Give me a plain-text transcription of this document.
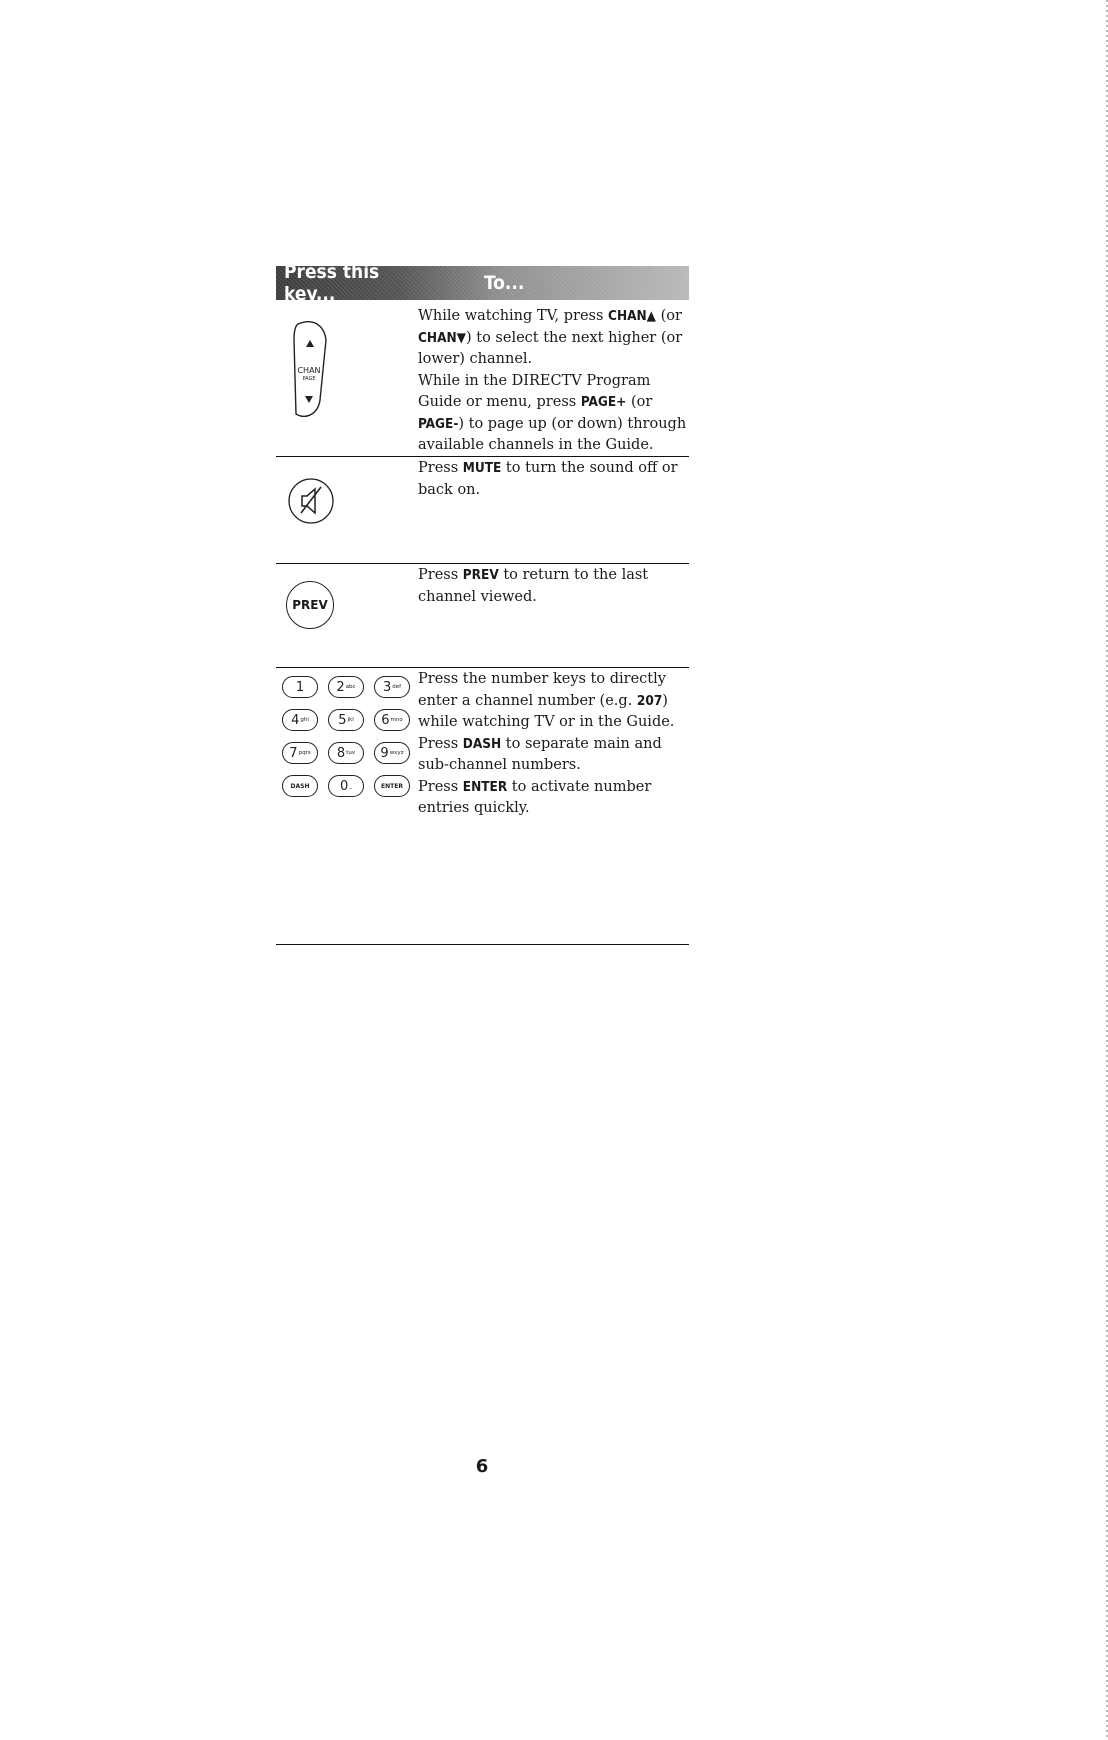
Press this key...	To...
CHAN
PAGE

While watching TV, press CHAN▲ (or CHAN▼) to select the next higher (or lower) channel.

While in the DIRECTV Program Guide or menu, press PAGE+ (or PAGE-) to page up (or down) through available channels in the Guide.

Press MUTE to turn the sound off or back on.

PREV

Press PREV to return to the last channel viewed.

1 2 abc 3 def
4 ghi 5 jkl 6 mno
7 pqrs 8 tuv 9 wxyz
DASH 0 _	ENTER

Press the number keys to directly enter a channel number (e.g. 207) while watching TV or in the Guide.

Press DASH to separate main and sub-channel numbers.

Press ENTER to activate number entries quickly.

6
